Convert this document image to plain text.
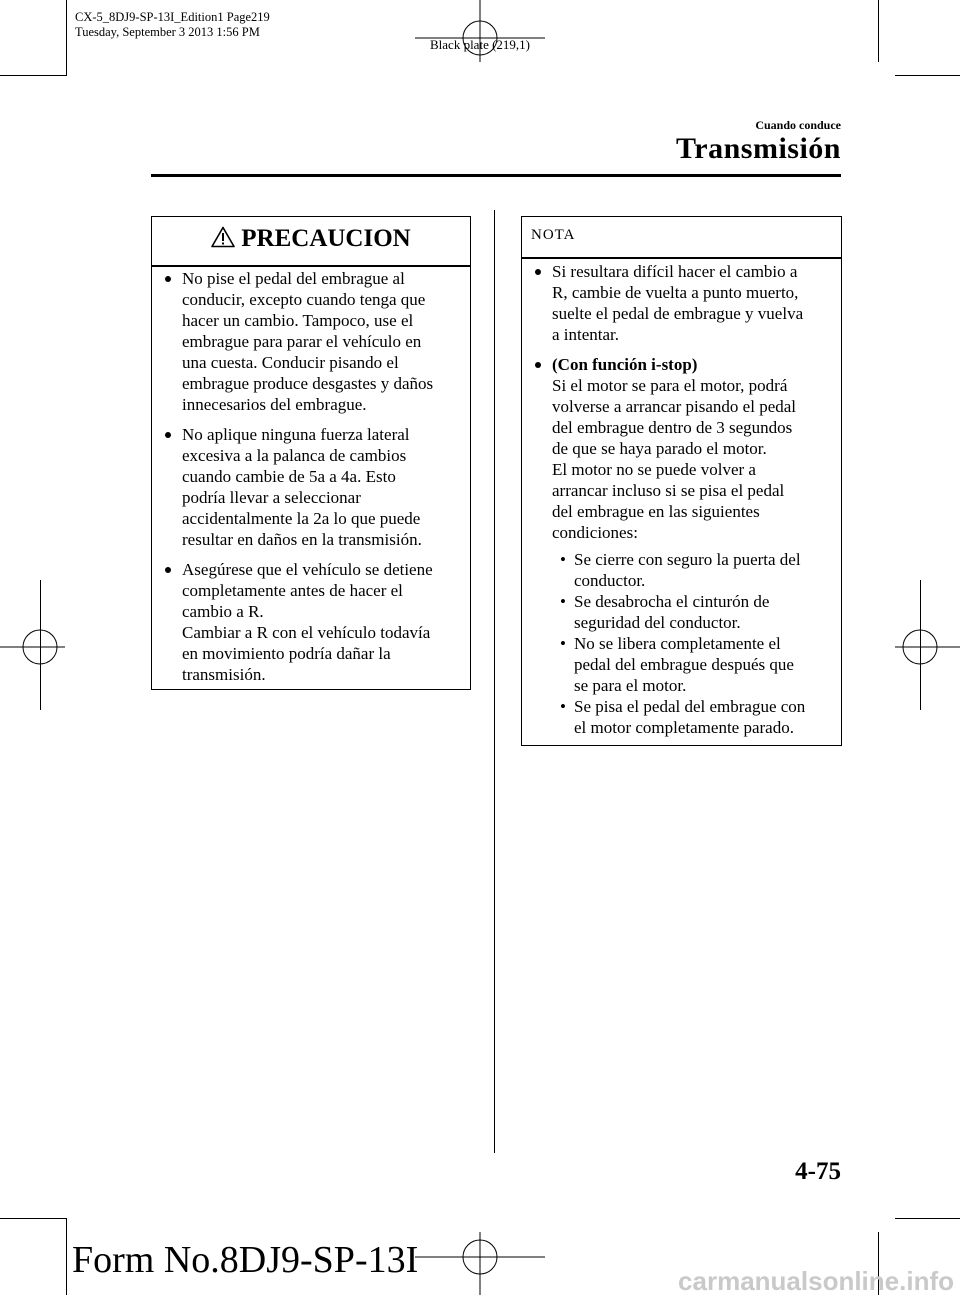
CX-5_8DJ9-SP-13I_Edition1 Page219
Tuesday, September 3 2013 1:56 PM
Black plate (219,1)
Cuando conduce
Transmisión
PRECAUCION
No pise el pedal del embrague al
conducir, excepto cuando tenga que
hacer un cambio. Tampoco, use el
embrague para parar el vehículo en
una cuesta. Conducir pisando el
embrague produce desgastes y daños
innecesarios del embrague.
No aplique ninguna fuerza lateral
excesiva a la palanca de cambios
cuando cambie de 5a a 4a. Esto
podría llevar a seleccionar
accidentalmente la 2a lo que puede
resultar en daños en la transmisión.
Asegúrese que el vehículo se detiene
completamente antes de hacer el
cambio a R.
Cambiar a R con el vehículo todavía
en movimiento podría dañar la
transmisión.
NOTA
Si resultara difícil hacer el cambio a
R, cambie de vuelta a punto muerto,
suelte el pedal de embrague y vuelva
a intentar.
(Con función i-stop)
Si el motor se para el motor, podrá
volverse a arrancar pisando el pedal
del embrague dentro de 3 segundos
de que se haya parado el motor.
El motor no se puede volver a
arrancar incluso si se pisa el pedal
del embrague en las siguientes
condiciones:
• Se cierre con seguro la puerta del
conductor.
• Se desabrocha el cinturón de
seguridad del conductor.
• No se libera completamente el
pedal del embrague después que
se para el motor.
• Se pisa el pedal del embrague con
el motor completamente parado.
4-75
Form No.8DJ9-SP-13I	carmanualsonline.info
